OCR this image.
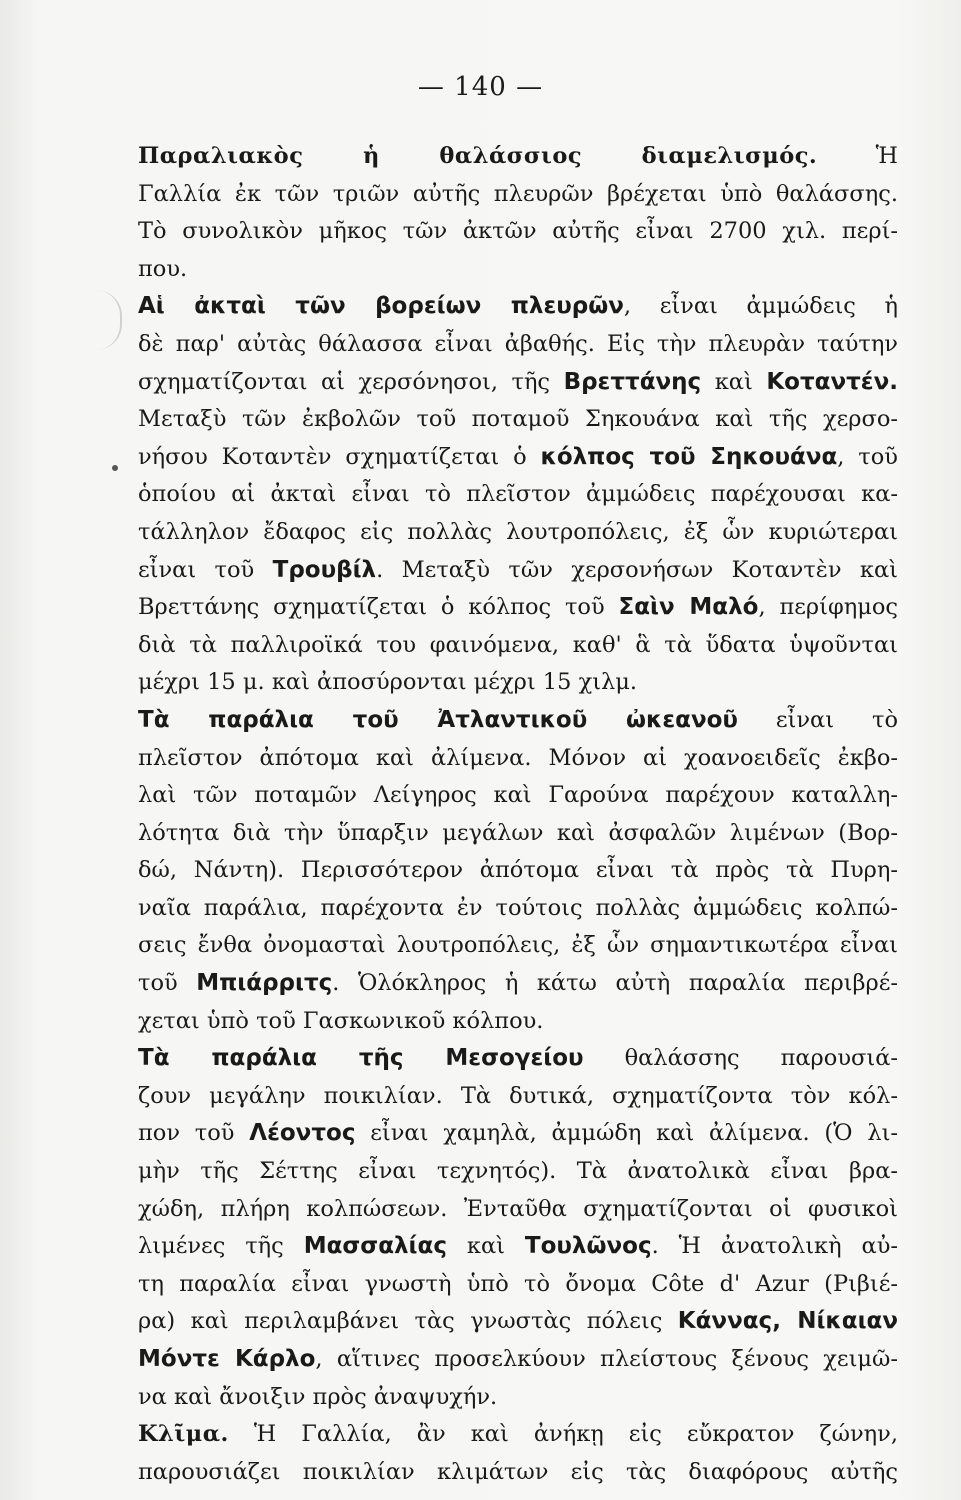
— 140 —
Παραλιακὸς ἡ θαλάσσιος διαμελισμός. Ἡ
Γαλλία ἐκ τῶν τριῶν αὐτῆς πλευρῶν βρέχεται ὑπὸ θαλάσσης.
Τὸ συνολικὸν μῆκος τῶν ἀκτῶν αὐτῆς εἶναι 2700 χιλ. περί-
που.
Αἱ ἀκταὶ τῶν βορείων πλευρῶν, εἶναι ἀμμώδεις ἡ
δὲ παρ' αὐτὰς θάλασσα εἶναι ἀβαθής. Εἰς τὴν πλευρὰν ταύτην
σχηματίζονται αἱ χερσόνησοι, τῆς Βρεττάνης καὶ Κοταντέν.
Μεταξὺ τῶν ἐκβολῶν τοῦ ποταμοῦ Σηκουάνα καὶ τῆς χερσο-
νήσου Κοταντὲν σχηματίζεται ὁ κόλπος τοῦ Σηκουάνα, τοῦ
ὁποίου αἱ ἀκταὶ εἶναι τὸ πλεῖστον ἀμμώδεις παρέχουσαι κα-
τάλληλον ἔδαφος εἰς πολλὰς λουτροπόλεις, ἐξ ὧν κυριώτεραι
εἶναι τοῦ Τρουβίλ. Μεταξὺ τῶν χερσονήσων Κοταντὲν καὶ
Βρεττάνης σχηματίζεται ὁ κόλπος τοῦ Σαὶν Μαλό, περίφημος
διὰ τὰ παλλιροϊκά του φαινόμενα, καθ' ἃ τὰ ὕδατα ὑψοῦνται
μέχρι 15 μ. καὶ ἀποσύρονται μέχρι 15 χιλμ.
Τὰ παράλια τοῦ Ἀτλαντικοῦ ὠκεανοῦ εἶναι τὸ
πλεῖστον ἀπότομα καὶ ἀλίμενα. Μόνον αἱ χοανοειδεῖς ἐκβο-
λαὶ τῶν ποταμῶν Λείγηρος καὶ Γαρούνα παρέχουν καταλλη-
λότητα διὰ τὴν ὕπαρξιν μεγάλων καὶ ἀσφαλῶν λιμένων (Βορ-
δώ, Νάντη). Περισσότερον ἀπότομα εἶναι τὰ πρὸς τὰ Πυρη-
ναῖα παράλια, παρέχοντα ἐν τούτοις πολλὰς ἀμμώδεις κολπώ-
σεις ἔνθα ὀνομασταὶ λουτροπόλεις, ἐξ ὧν σημαντικωτέρα εἶναι
τοῦ Μπιάρριτς. Ὁλόκληρος ἡ κάτω αὐτὴ παραλία περιβρέ-
χεται ὑπὸ τοῦ Γασκωνικοῦ κόλπου.
Τὰ παράλια τῆς Μεσογείου θαλάσσης παρουσιά-
ζουν μεγάλην ποικιλίαν. Τὰ δυτικά, σχηματίζοντα τὸν κόλ-
πον τοῦ Λέοντος εἶναι χαμηλὰ, ἀμμώδη καὶ ἀλίμενα. (Ὁ λι-
μὴν τῆς Σέττης εἶναι τεχνητός). Τὰ ἀνατολικὰ εἶναι βρα-
χώδη, πλήρη κολπώσεων. Ἐνταῦθα σχηματίζονται οἱ φυσικοὶ
λιμένες τῆς Μασσαλίας καὶ Τουλῶνος. Ἡ ἀνατολικὴ αὐ-
τη παραλία εἶναι γνωστὴ ὑπὸ τὸ ὄνομα Côte d' Azur (Ριβιέ-
ρα) καὶ περιλαμβάνει τὰς γνωστὰς πόλεις Κάννας, Νίκαιαν
Μόντε Κάρλο, αἵτινες προσελκύουν πλείστους ξένους χειμῶ-
να καὶ ἄνοιξιν πρὸς ἀναψυχήν.
Κλῖμα. Ἡ Γαλλία, ἂν καὶ ἀνήκῃ εἰς εὔκρατον ζώνην,
παρουσιάζει ποικιλίαν κλιμάτων εἰς τὰς διαφόρους αὐτῆς
